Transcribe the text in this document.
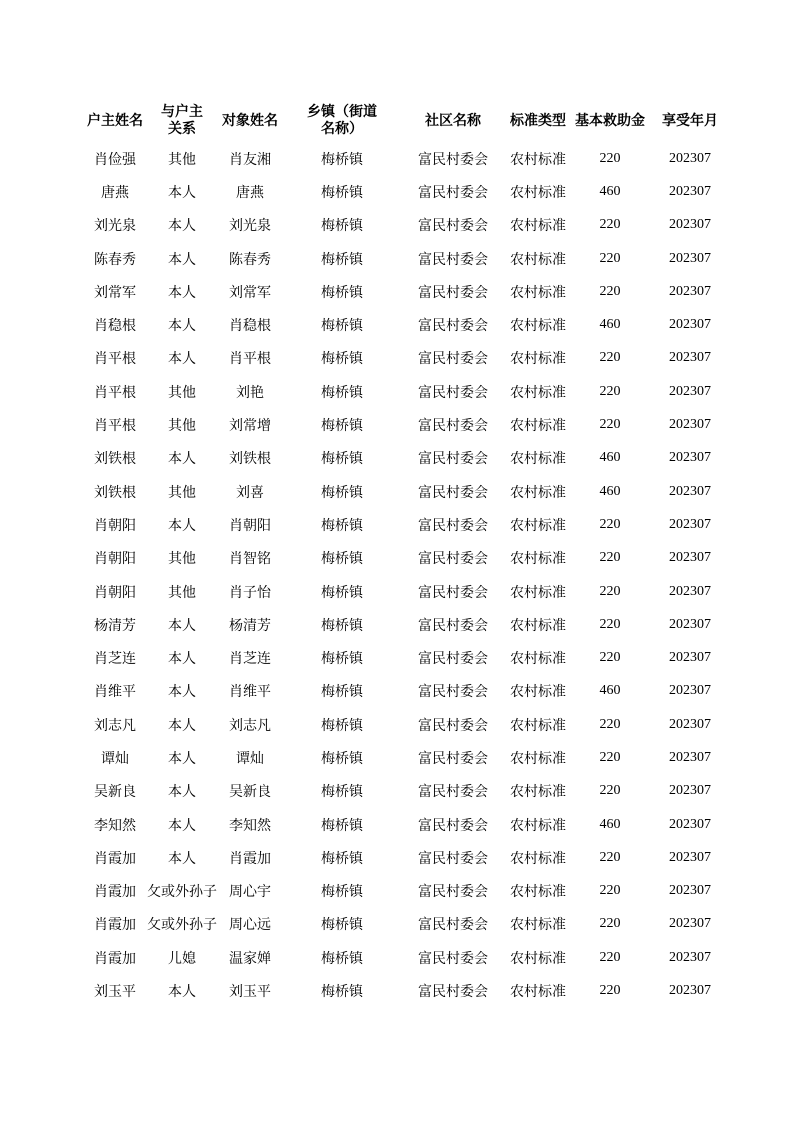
户主姓名	与户主关系	对象姓名	乡镇（街道名称）	社区名称	标准类型	基本救助金	享受年月
肖俭强	其他	肖友湘	梅桥镇	富民村委会	农村标准	220	202307
唐燕	本人	唐燕	梅桥镇	富民村委会	农村标准	460	202307
刘光泉	本人	刘光泉	梅桥镇	富民村委会	农村标准	220	202307
陈春秀	本人	陈春秀	梅桥镇	富民村委会	农村标准	220	202307
刘常军	本人	刘常军	梅桥镇	富民村委会	农村标准	220	202307
肖稳根	本人	肖稳根	梅桥镇	富民村委会	农村标准	460	202307
肖平根	本人	肖平根	梅桥镇	富民村委会	农村标准	220	202307
肖平根	其他	刘艳	梅桥镇	富民村委会	农村标准	220	202307
肖平根	其他	刘常增	梅桥镇	富民村委会	农村标准	220	202307
刘铁根	本人	刘铁根	梅桥镇	富民村委会	农村标准	460	202307
刘铁根	其他	刘喜	梅桥镇	富民村委会	农村标准	460	202307
肖朝阳	本人	肖朝阳	梅桥镇	富民村委会	农村标准	220	202307
肖朝阳	其他	肖智铭	梅桥镇	富民村委会	农村标准	220	202307
肖朝阳	其他	肖子怡	梅桥镇	富民村委会	农村标准	220	202307
杨清芳	本人	杨清芳	梅桥镇	富民村委会	农村标准	220	202307
肖芝连	本人	肖芝连	梅桥镇	富民村委会	农村标准	220	202307
肖维平	本人	肖维平	梅桥镇	富民村委会	农村标准	460	202307
刘志凡	本人	刘志凡	梅桥镇	富民村委会	农村标准	220	202307
谭灿	本人	谭灿	梅桥镇	富民村委会	农村标准	220	202307
吴新良	本人	吴新良	梅桥镇	富民村委会	农村标准	220	202307
李知然	本人	李知然	梅桥镇	富民村委会	农村标准	460	202307
肖霞加	本人	肖霞加	梅桥镇	富民村委会	农村标准	220	202307
肖霞加	攵或外孙子	周心宇	梅桥镇	富民村委会	农村标准	220	202307
肖霞加	攵或外孙子	周心远	梅桥镇	富民村委会	农村标准	220	202307
肖霞加	儿媳	温家婵	梅桥镇	富民村委会	农村标准	220	202307
刘玉平	本人	刘玉平	梅桥镇	富民村委会	农村标准	220	202307
